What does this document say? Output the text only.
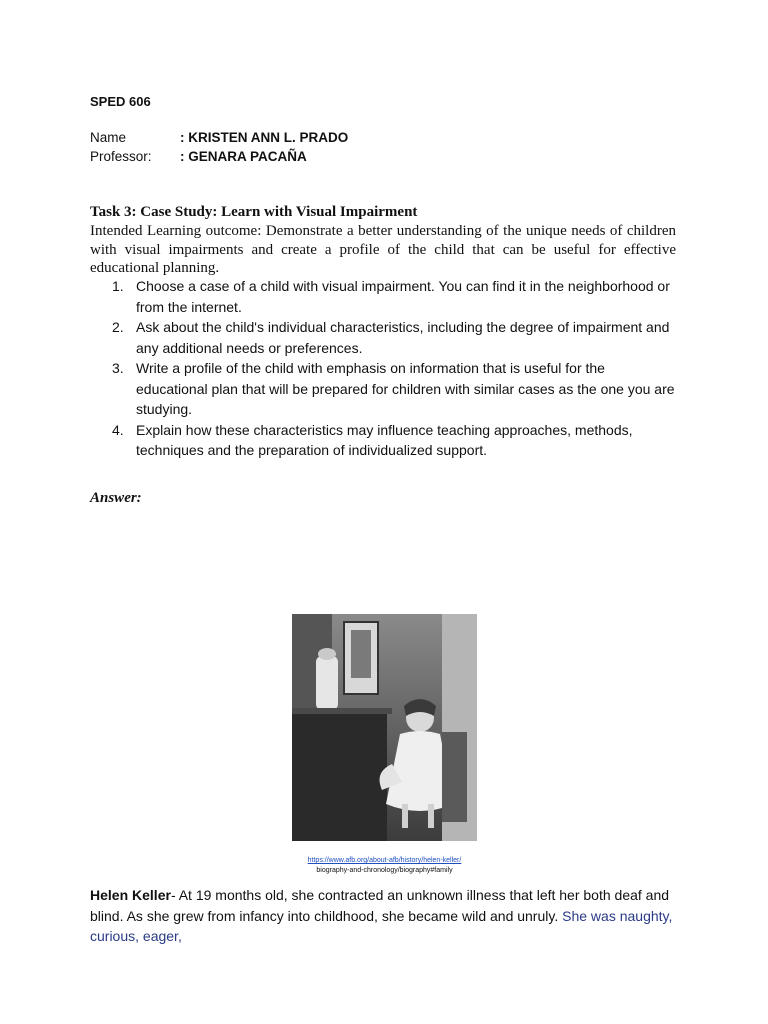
SPED 606
Name	: KRISTEN ANN L. PRADO
Professor: : GENARA PACAÑA
Task 3: Case Study: Learn with Visual Impairment
Intended Learning outcome: Demonstrate a better understanding of the unique needs of children with visual impairments and create a profile of the child that can be useful for effective educational planning.
1. Choose a case of a child with visual impairment. You can find it in the neighborhood or from the internet.
2. Ask about the child's individual characteristics, including the degree of impairment and any additional needs or preferences.
3. Write a profile of the child with emphasis on information that is useful for the educational plan that will be prepared for children with similar cases as the one you are studying.
4. Explain how these characteristics may influence teaching approaches, methods, techniques and the preparation of individualized support.
Answer:
https://www.afb.org/about-afb/history/helen-keller/
biography-and-chronology/biography#family
Helen Keller- At 19 months old, she contracted an unknown illness that left her both deaf and blind. As she grew from infancy into childhood, she became wild and unruly. She was naughty, curious, eager,
